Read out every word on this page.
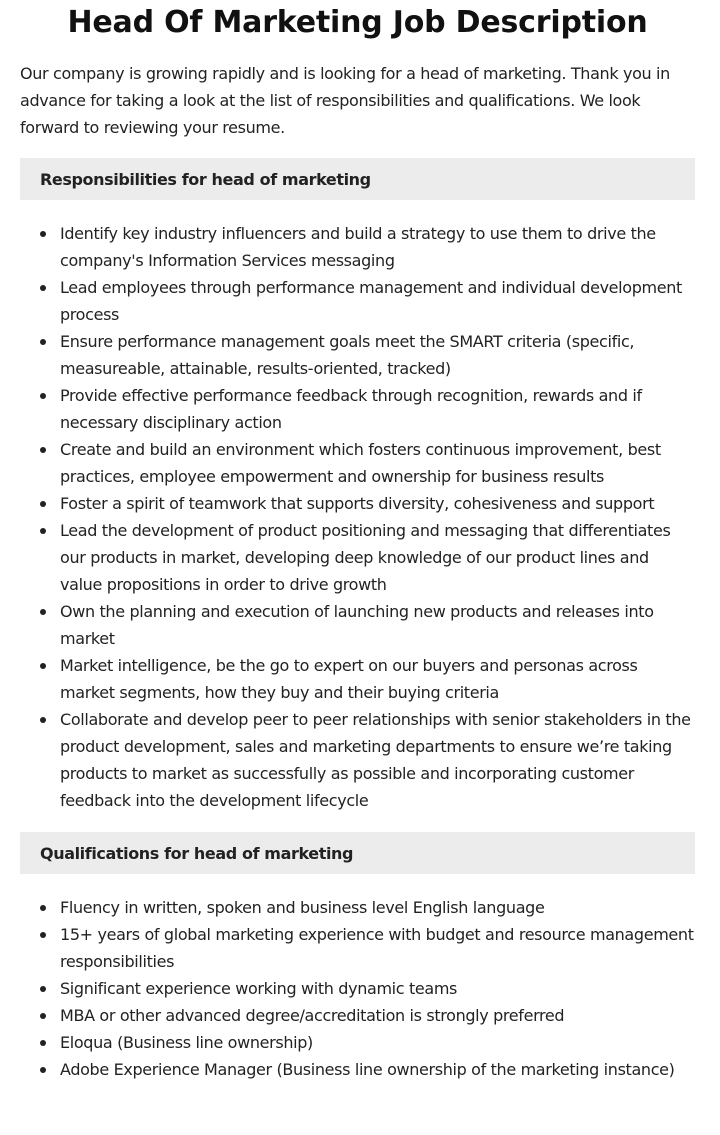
Head Of Marketing Job Description

Our company is growing rapidly and is looking for a head of marketing. Thank you in advance for taking a look at the list of responsibilities and qualifications. We look forward to reviewing your resume.

Responsibilities for head of marketing
Identify key industry influencers and build a strategy to use them to drive the company's Information Services messaging
Lead employees through performance management and individual development process
Ensure performance management goals meet the SMART criteria (specific, measureable, attainable, results-oriented, tracked)
Provide effective performance feedback through recognition, rewards and if necessary disciplinary action
Create and build an environment which fosters continuous improvement, best practices, employee empowerment and ownership for business results
Foster a spirit of teamwork that supports diversity, cohesiveness and support
Lead the development of product positioning and messaging that differentiates our products in market, developing deep knowledge of our product lines and value propositions in order to drive growth
Own the planning and execution of launching new products and releases into market
Market intelligence, be the go to expert on our buyers and personas across market segments, how they buy and their buying criteria
Collaborate and develop peer to peer relationships with senior stakeholders in the product development, sales and marketing departments to ensure we’re taking products to market as successfully as possible and incorporating customer feedback into the development lifecycle
Qualifications for head of marketing
Fluency in written, spoken and business level English language
15+ years of global marketing experience with budget and resource management responsibilities
Significant experience working with dynamic teams
MBA or other advanced degree/accreditation is strongly preferred
Eloqua (Business line ownership)
Adobe Experience Manager (Business line ownership of the marketing instance)
